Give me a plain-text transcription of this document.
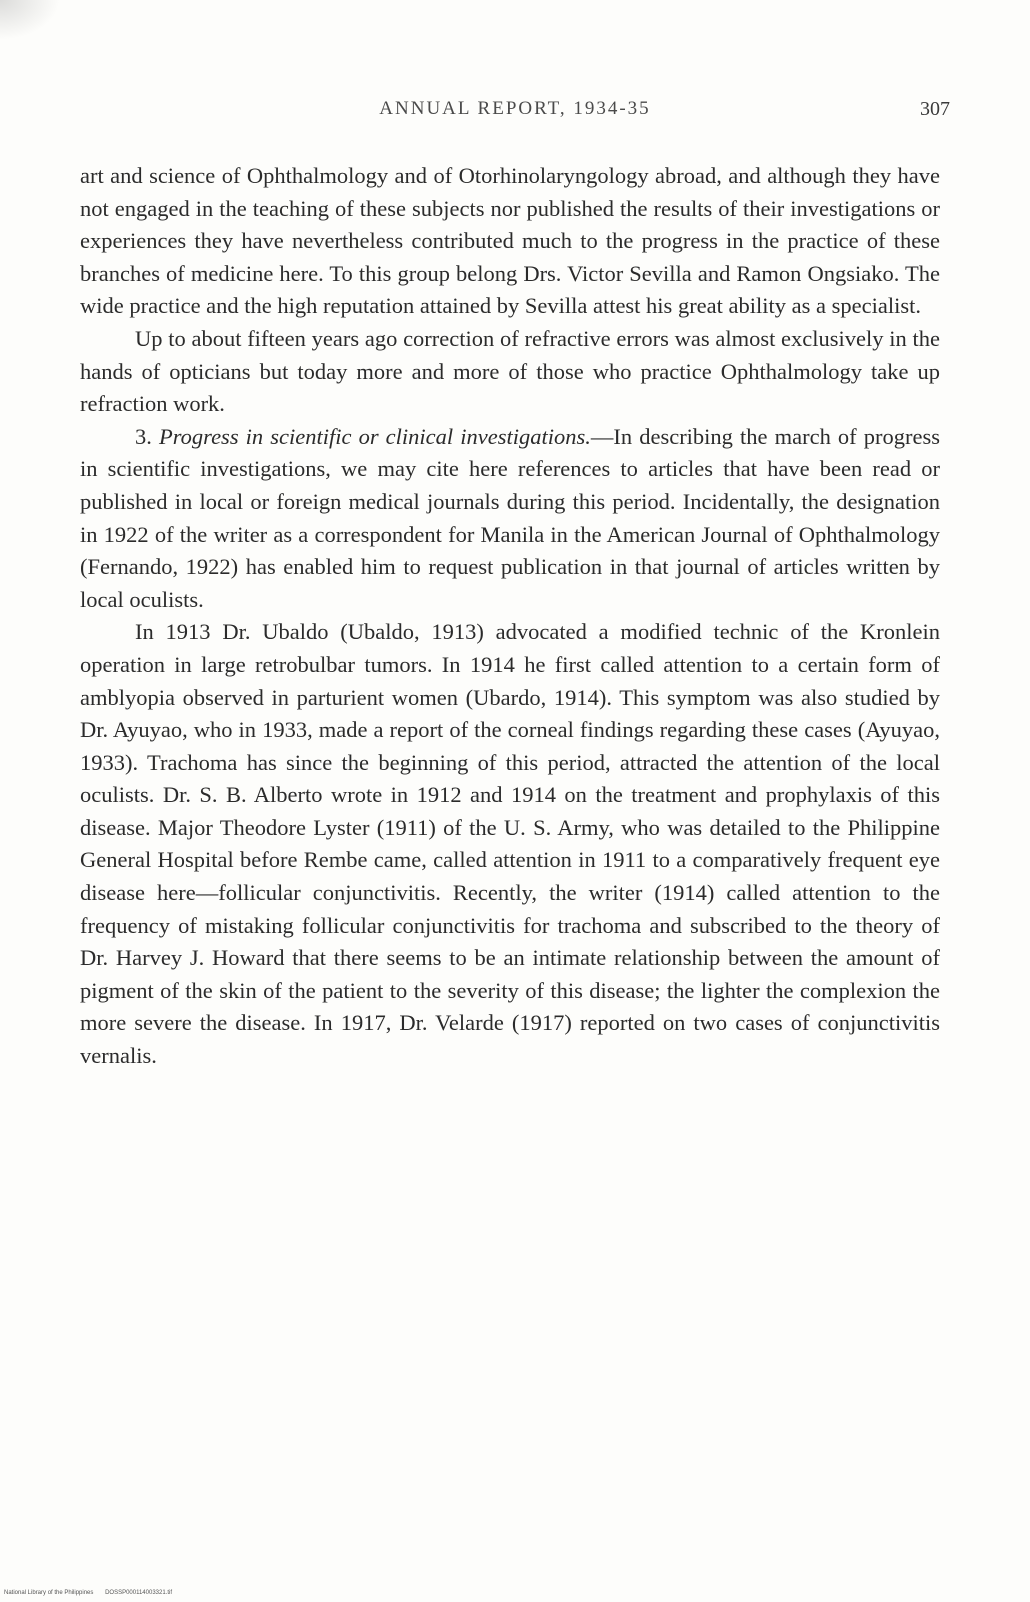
ANNUAL REPORT, 1934-35	307

art and science of Ophthalmology and of Otorhinolaryngology abroad, and although they have not engaged in the teaching of these subjects nor published the results of their investigations or experiences they have nevertheless contributed much to the progress in the practice of these branches of medicine here. To this group belong Drs. Victor Sevilla and Ramon Ongsiako. The wide practice and the high reputation attained by Sevilla attest his great ability as a specialist.

Up to about fifteen years ago correction of refractive errors was almost exclusively in the hands of opticians but today more and more of those who practice Ophthalmology take up refraction work.

3. Progress in scientific or clinical investigations.—In describing the march of progress in scientific investigations, we may cite here references to articles that have been read or published in local or foreign medical journals during this period. Incidentally, the designation in 1922 of the writer as a correspondent for Manila in the American Journal of Ophthalmology (Fernando, 1922) has enabled him to request publication in that journal of articles written by local oculists.

In 1913 Dr. Ubaldo (Ubaldo, 1913) advocated a modified technic of the Kronlein operation in large retrobulbar tumors. In 1914 he first called attention to a certain form of amblyopia observed in parturient women (Ubardo, 1914). This symptom was also studied by Dr. Ayuyao, who in 1933, made a report of the corneal findings regarding these cases (Ayuyao, 1933). Trachoma has since the beginning of this period, attracted the attention of the local oculists. Dr. S. B. Alberto wrote in 1912 and 1914 on the treatment and prophylaxis of this disease. Major Theodore Lyster (1911) of the U. S. Army, who was detailed to the Philippine General Hospital before Rembe came, called attention in 1911 to a comparatively frequent eye disease here—follicular conjunctivitis. Recently, the writer (1914) called attention to the frequency of mistaking follicular conjunctivitis for trachoma and subscribed to the theory of Dr. Harvey J. Howard that there seems to be an intimate relationship between the amount of pigment of the skin of the patient to the severity of this disease; the lighter the complexion the more severe the disease. In 1917, Dr. Velarde (1917) reported on two cases of conjunctivitis vernalis.

National Library of the Philippines DOSSP000114003321.tif
